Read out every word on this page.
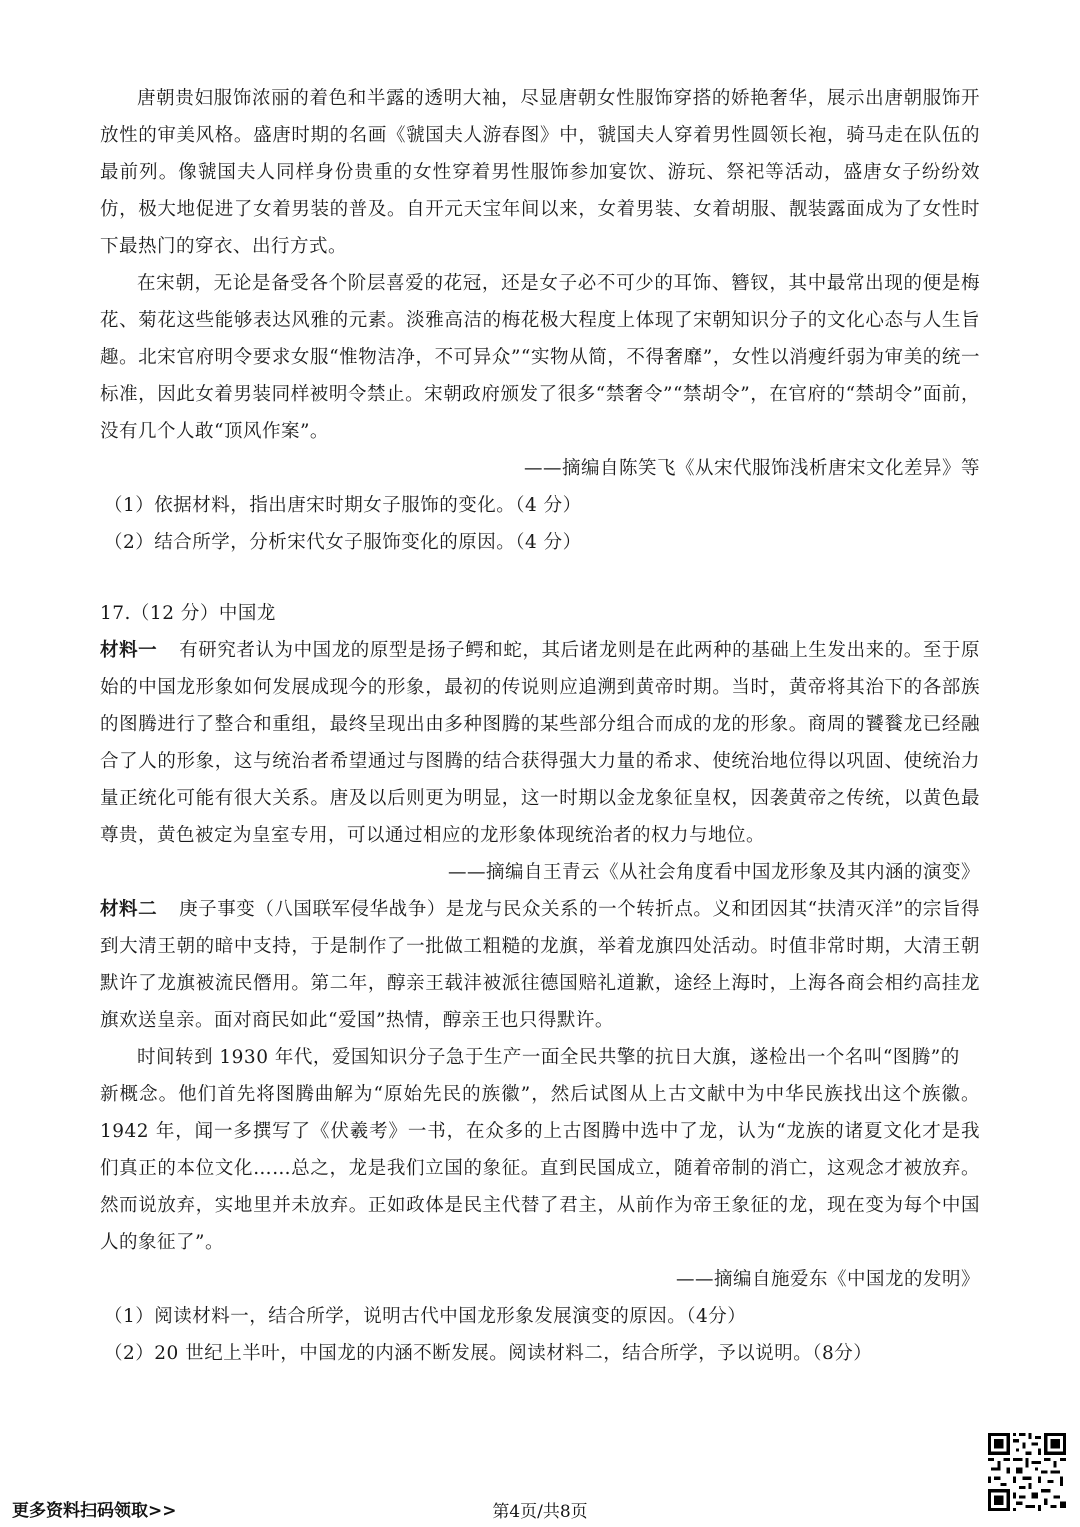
唐朝贵妇服饰浓丽的着色和半露的透明大袖，尽显唐朝女性服饰穿搭的娇艳奢华，展示出唐朝服饰开放性的审美风格。盛唐时期的名画《虢国夫人游春图》中，虢国夫人穿着男性圆领长袍，骑马走在队伍的最前列。像虢国夫人同样身份贵重的女性穿着男性服饰参加宴饮、游玩、祭祀等活动，盛唐女子纷纷效仿，极大地促进了女着男装的普及。自开元天宝年间以来，女着男装、女着胡服、靓装露面成为了女性时下最热门的穿衣、出行方式。

在宋朝，无论是备受各个阶层喜爱的花冠，还是女子必不可少的耳饰、簪钗，其中最常出现的便是梅花、菊花这些能够表达风雅的元素。淡雅高洁的梅花极大程度上体现了宋朝知识分子的文化心态与人生旨趣。北宋官府明令要求女服“惟物洁净，不可异众”“实物从简，不得奢靡”，女性以消瘦纤弱为审美的统一标准，因此女着男装同样被明令禁止。宋朝政府颁发了很多“禁奢令”“禁胡令”，在官府的“禁胡令”面前，没有几个人敢“顶风作案”。

——摘编自陈笑飞《从宋代服饰浅析唐宋文化差异》等

（1）依据材料，指出唐宋时期女子服饰的变化。（4 分）

（2）结合所学，分析宋代女子服饰变化的原因。（4 分）

17.（12 分）中国龙

材料一 有研究者认为中国龙的原型是扬子鳄和蛇，其后诸龙则是在此两种的基础上生发出来的。至于原始的中国龙形象如何发展成现今的形象，最初的传说则应追溯到黄帝时期。当时，黄帝将其治下的各部族的图腾进行了整合和重组，最终呈现出由多种图腾的某些部分组合而成的龙的形象。商周的饕餮龙已经融合了人的形象，这与统治者希望通过与图腾的结合获得强大力量的希求、使统治地位得以巩固、使统治力量正统化可能有很大关系。唐及以后则更为明显，这一时期以金龙象征皇权，因袭黄帝之传统，以黄色最尊贵，黄色被定为皇室专用，可以通过相应的龙形象体现统治者的权力与地位。

——摘编自王青云《从社会角度看中国龙形象及其内涵的演变》

材料二 庚子事变（八国联军侵华战争）是龙与民众关系的一个转折点。义和团因其“扶清灭洋”的宗旨得到大清王朝的暗中支持，于是制作了一批做工粗糙的龙旗，举着龙旗四处活动。时值非常时期，大清王朝默许了龙旗被流民僭用。第二年，醇亲王载沣被派往德国赔礼道歉，途经上海时，上海各商会相约高挂龙旗欢送皇亲。面对商民如此“爱国”热情，醇亲王也只得默许。

时间转到 1930 年代，爱国知识分子急于生产一面全民共擎的抗日大旗，遂检出一个名叫“图腾”的

新概念。他们首先将图腾曲解为“原始先民的族徽”，然后试图从上古文献中为中华民族找出这个族徽。1942 年，闻一多撰写了《伏羲考》一书，在众多的上古图腾中选中了龙，认为“龙族的诸夏文化才是我们真正的本位文化……总之，龙是我们立国的象征。直到民国成立，随着帝制的消亡，这观念才被放弃。然而说放弃，实地里并未放弃。正如政体是民主代替了君主，从前作为帝王象征的龙，现在变为每个中国人的象征了”。

——摘编自施爱东《中国龙的发明》

（1）阅读材料一，结合所学，说明古代中国龙形象发展演变的原因。（4分）

（2）20 世纪上半叶，中国龙的内涵不断发展。阅读材料二，结合所学，予以说明。（8分）

更多资料扫码领取>>	第4页/共8页
